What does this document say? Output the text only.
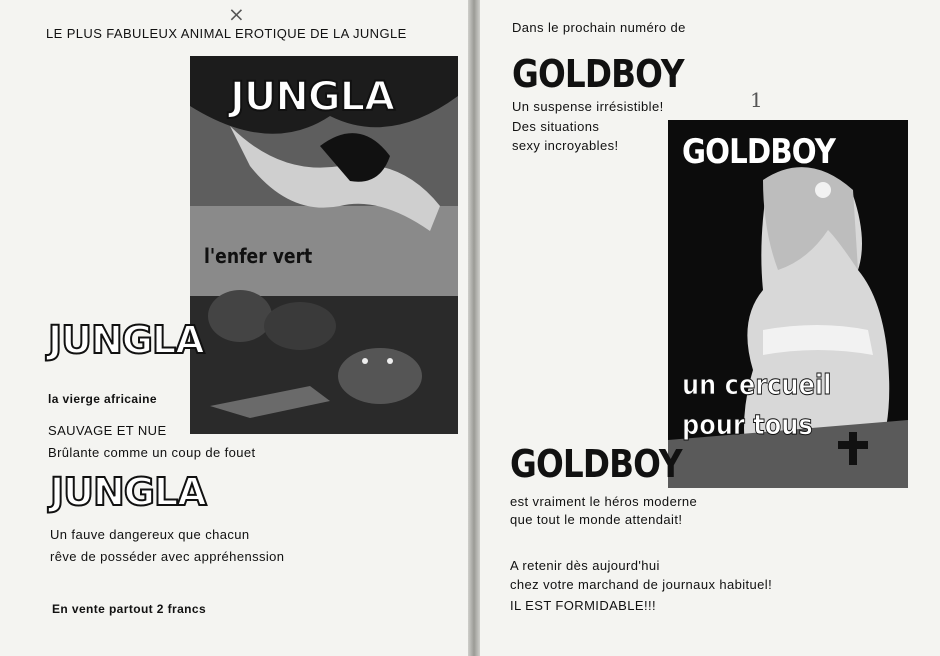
×
LE PLUS FABULEUX ANIMAL EROTIQUE DE LA JUNGLE
JUNGLA
l'enfer vert
JUNGLA
la vierge africaine
SAUVAGE ET NUE
Brûlante comme un coup de fouet
JUNGLA
Un fauve dangereux que chacun
rêve de posséder avec appréhenssion
En vente partout 2 francs
Dans le prochain numéro de
GOLDBOY
Un suspense irrésistible!
Des situations
sexy incroyables!
1
GOLDBOY
un cercueil
pour tous
GOLDBOY
est vraiment le héros moderne
que tout le monde attendait!
A retenir dès aujourd'hui
chez votre marchand de journaux habituel!
IL EST FORMIDABLE!!!
